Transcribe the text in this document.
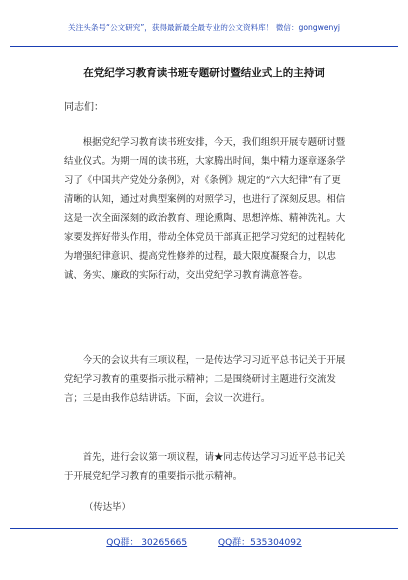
关注头条号“公文研究”，获得最新最全最专业的公文资料库！ 微信：gongwenyj
在党纪学习教育读书班专题研讨暨结业式上的主持词
同志们：

根据党纪学习教育读书班安排，今天，我们组织开展专题研讨暨结业仪式。为期一周的读书班，大家腾出时间，集中精力逐章逐条学习了《中国共产党处分条例》，对《条例》规定的“六大纪律”有了更清晰的认知，通过对典型案例的对照学习，也进行了深刻反思。相信这是一次全面深刻的政治教育、理论熏陶、思想淬炼、精神洗礼。大家要发挥好带头作用，带动全体党员干部真正把学习党纪的过程转化为增强纪律意识、提高党性修养的过程，最大限度凝聚合力，以忠诚、务实、廉政的实际行动，交出党纪学习教育满意答卷。

今天的会议共有三项议程，一是传达学习习近平总书记关于开展党纪学习教育的重要指示批示精神；二是围绕研讨主题进行交流发言；三是由我作总结讲话。下面，会议一次进行。

首先，进行会议第一项议程，请★同志传达学习习近平总书记关于开展党纪学习教育的重要指示批示精神。

（传达毕）
QQ群： 30265665	QQ群：535304092
